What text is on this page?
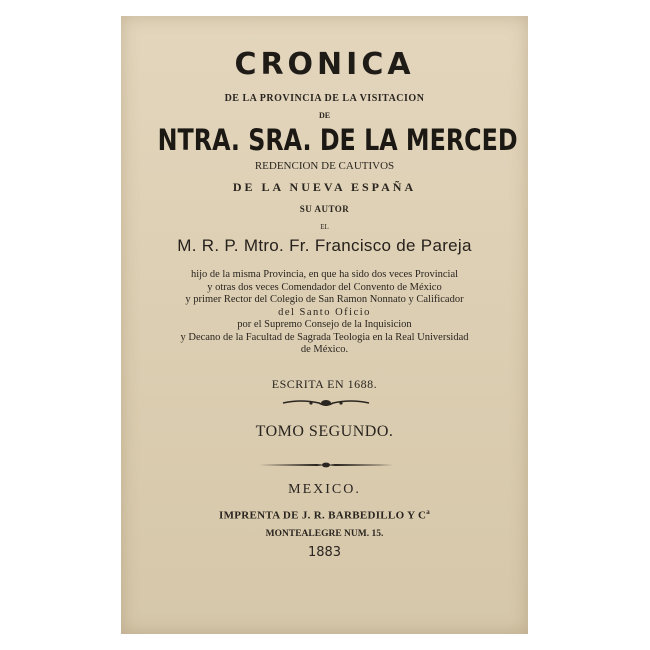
CRONICA
DE LA PROVINCIA DE LA VISITACION
DE
NTRA. SRA. DE LA MERCED
REDENCION DE CAUTIVOS
DE LA NUEVA ESPAÑA
SU AUTOR
EL
M. R. P. Mtro. Fr. Francisco de Pareja
hijo de la misma Provincia, en que ha sido dos veces Provincial
y otras dos veces Comendador del Convento de México
y primer Rector del Colegio de San Ramon Nonnato y Calificador
del Santo Oficio
por el Supremo Consejo de la Inquisicion
y Decano de la Facultad de Sagrada Teologia en la Real Universidad
de México.
ESCRITA EN 1688.
TOMO SEGUNDO.
MEXICO.
IMPRENTA DE J. R. BARBEDILLO Y $C^a$
MONTEALEGRE NUM. 15.
1883
